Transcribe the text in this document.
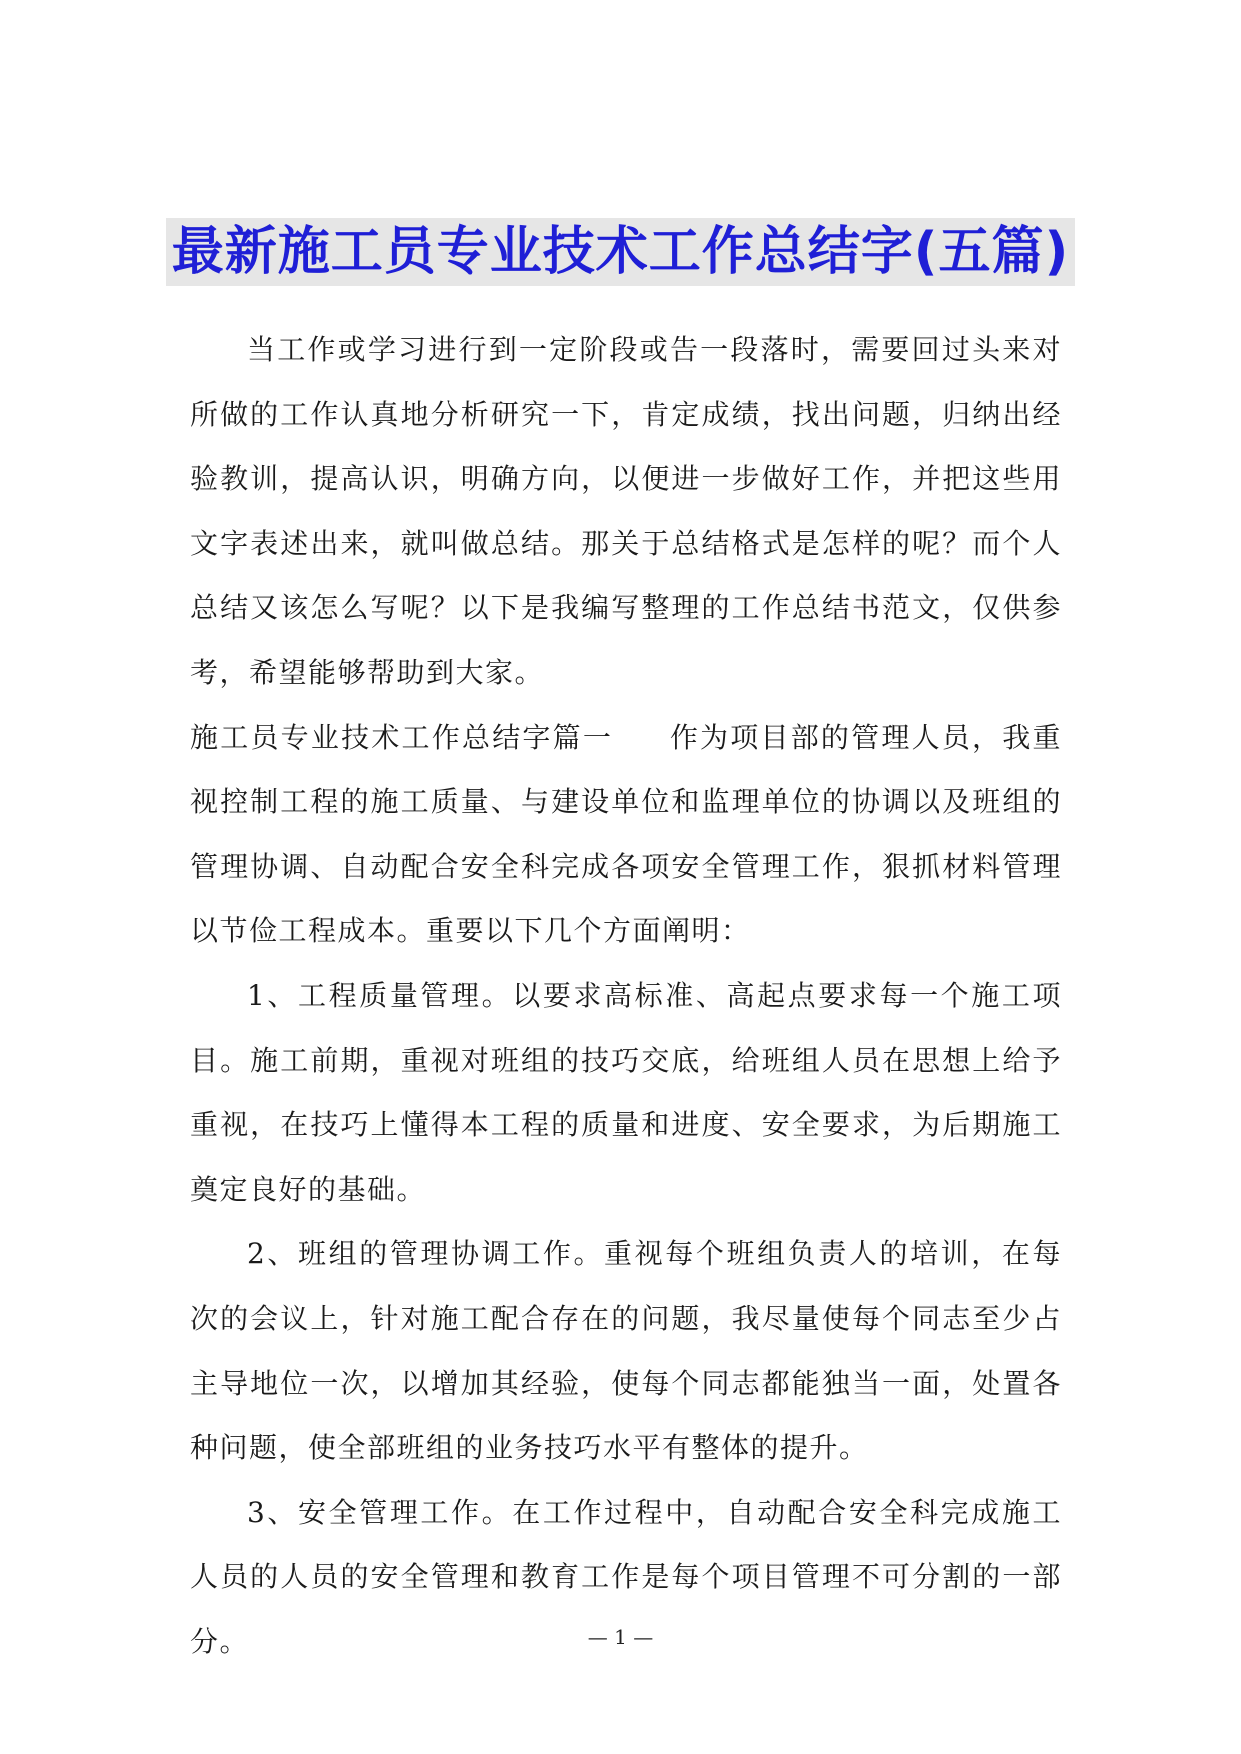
最新施工员专业技术工作总结字(五篇)

当工作或学习进行到一定阶段或告一段落时，需要回过头来对所做的工作认真地分析研究一下，肯定成绩，找出问题，归纳出经验教训，提高认识，明确方向，以便进一步做好工作，并把这些用文字表述出来，就叫做总结。那关于总结格式是怎样的呢？而个人总结又该怎么写呢？以下是我编写整理的工作总结书范文，仅供参考，希望能够帮助到大家。

施工员专业技术工作总结字篇一 作为项目部的管理人员，我重视控制工程的施工质量、与建设单位和监理单位的协调以及班组的管理协调、自动配合安全科完成各项安全管理工作，狠抓材料管理以节俭工程成本。重要以下几个方面阐明：

1、工程质量管理。以要求高标准、高起点要求每一个施工项目。施工前期，重视对班组的技巧交底，给班组人员在思想上给予重视，在技巧上懂得本工程的质量和进度、安全要求，为后期施工奠定良好的基础。

2、班组的管理协调工作。重视每个班组负责人的培训，在每次的会议上，针对施工配合存在的问题，我尽量使每个同志至少占主导地位一次，以增加其经验，使每个同志都能独当一面，处置各种问题，使全部班组的业务技巧水平有整体的提升。

3、安全管理工作。在工作过程中，自动配合安全科完成施工人员的人员的安全管理和教育工作是每个项目管理不可分割的一部分。	— 1 —
